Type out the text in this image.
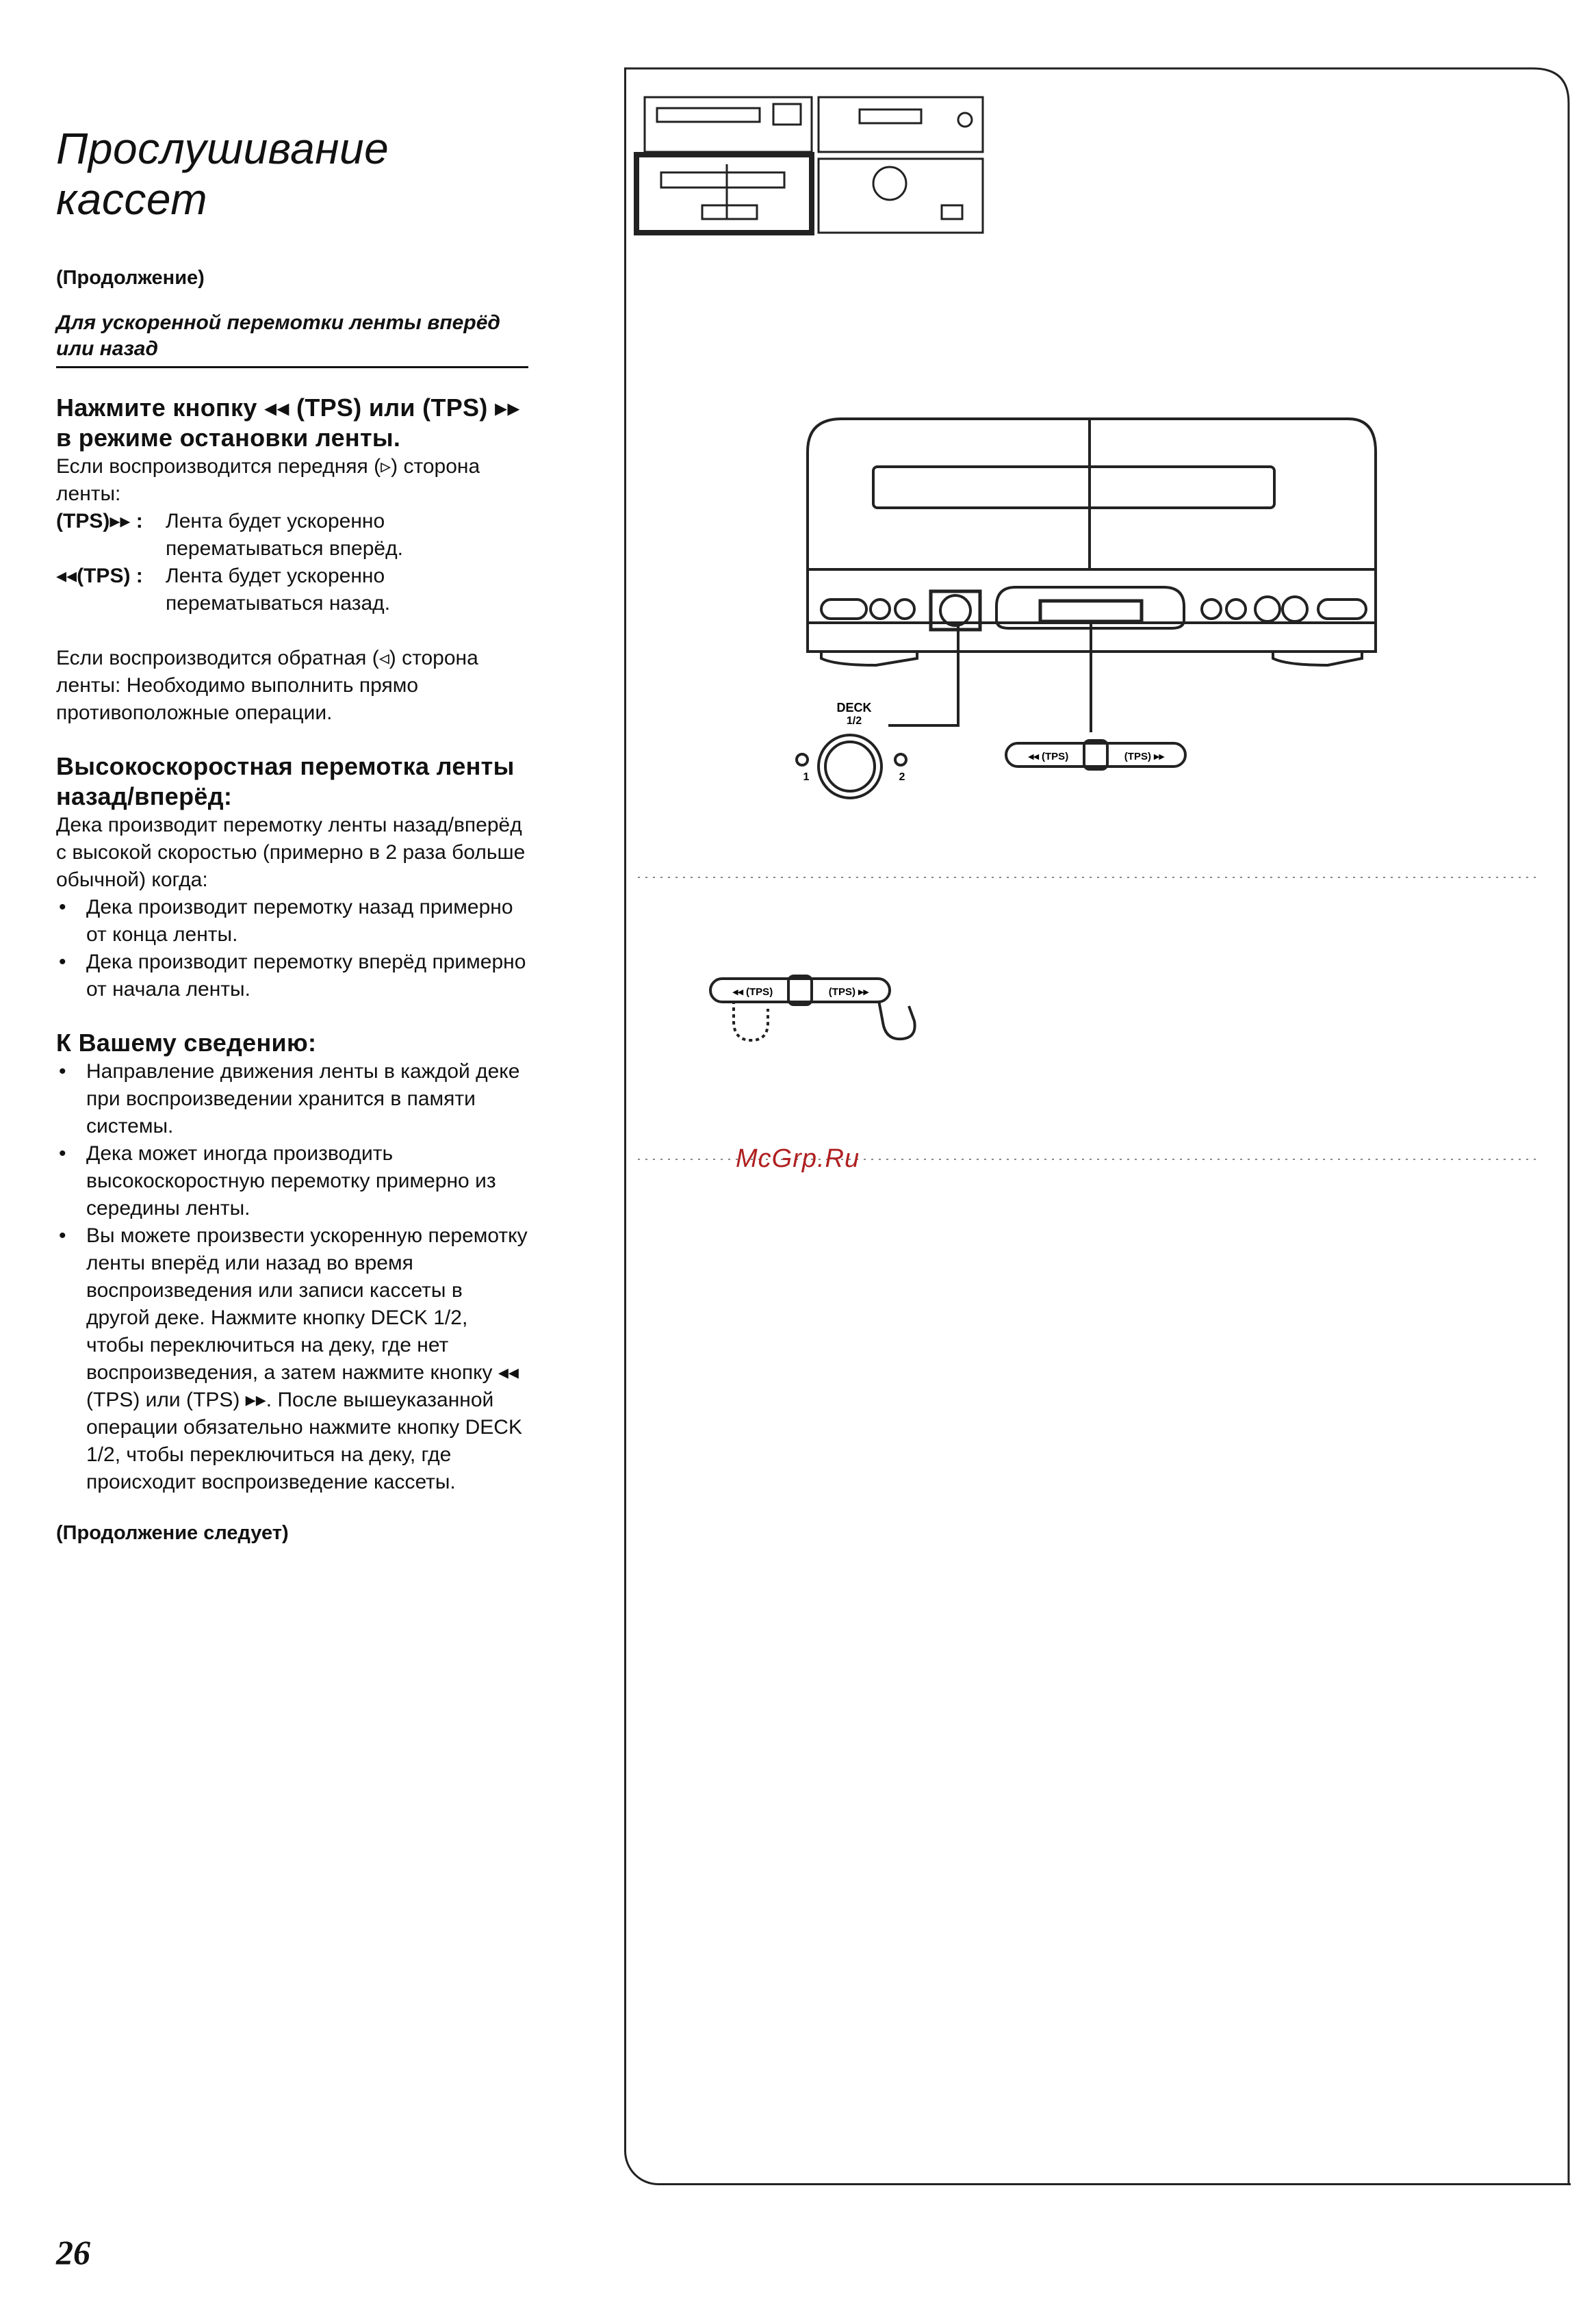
Прослушивание
кассет
(Продолжение)
Для ускоренной перемотки ленты вперёд или назад
Нажмите кнопку ◂◂ (TPS) или (TPS) ▸▸ в режиме остановки ленты.
Если воспроизводится передняя (▹) сторона ленты:
(TPS)▸▸ :	Лента будет ускоренно перематываться вперёд.
◂◂(TPS) :	Лента будет ускоренно перематываться назад.
Если воспроизводится обратная (◃) сторона ленты: Необходимо выполнить прямо противоположные операции.
Высокоскоростная перемотка ленты назад/вперёд:
Дека производит перемотку ленты назад/вперёд с высокой скоростью (примерно в 2 раза больше обычной) когда:
• Дека производит перемотку назад примерно от конца ленты.
• Дека производит перемотку вперёд примерно от начала ленты.
К Вашему сведению:
• Направление движения ленты в каждой деке при воспроизведении хранится в памяти системы.
• Дека может иногда производить высокоскоростную перемотку примерно из середины ленты.
• Вы можете произвести ускоренную перемотку ленты вперёд или назад во время воспроизведения или записи кассеты в другой деке. Нажмите кнопку DECK 1/2, чтобы переключиться на деку, где нет воспроизведения, а затем нажмите кнопку ◂◂ (TPS) или (TPS) ▸▸. После вышеуказанной операции обязательно нажмите кнопку DECK 1/2, чтобы переключиться на деку, где происходит воспроизведение кассеты.
(Продолжение следует)
26
DECK
1/2
1	2
◂◂ (TPS)	(TPS) ▸▸
◂◂ (TPS)	(TPS) ▸▸
McGrp.Ru
